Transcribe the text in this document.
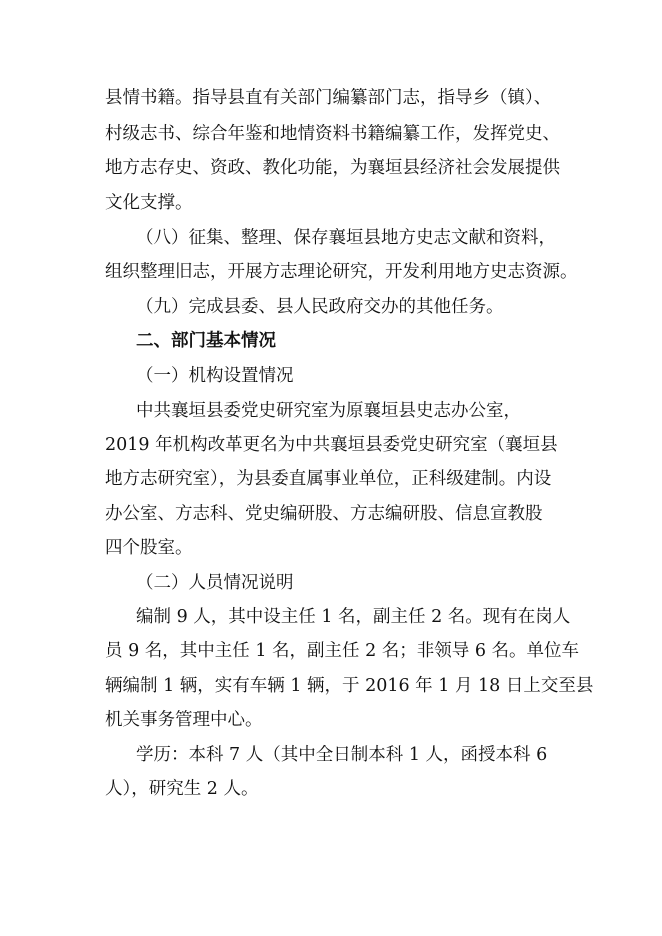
县情书籍。指导县直有关部门编纂部门志，指导乡（镇）、

村级志书、综合年鉴和地情资料书籍编纂工作，发挥党史、

地方志存史、资政、教化功能，为襄垣县经济社会发展提供

文化支撑。

（八）征集、整理、保存襄垣县地方史志文献和资料，

组织整理旧志，开展方志理论研究，开发利用地方史志资源。

（九）完成县委、县人民政府交办的其他任务。

二、部门基本情况

（一）机构设置情况

中共襄垣县委党史研究室为原襄垣县史志办公室，

2019 年机构改革更名为中共襄垣县委党史研究室（襄垣县

地方志研究室），为县委直属事业单位，正科级建制。内设

办公室、方志科、党史编研股、方志编研股、信息宣教股

四个股室。

（二）人员情况说明

编制 9 人，其中设主任 1 名，副主任 2 名。现有在岗人

员 9 名，其中主任 1 名，副主任 2 名；非领导 6 名。单位车

辆编制 1 辆，实有车辆 1 辆，于 2016 年 1 月 18 日上交至县

机关事务管理中心。

学历：本科 7 人（其中全日制本科 1 人，函授本科 6

人），研究生 2 人。
